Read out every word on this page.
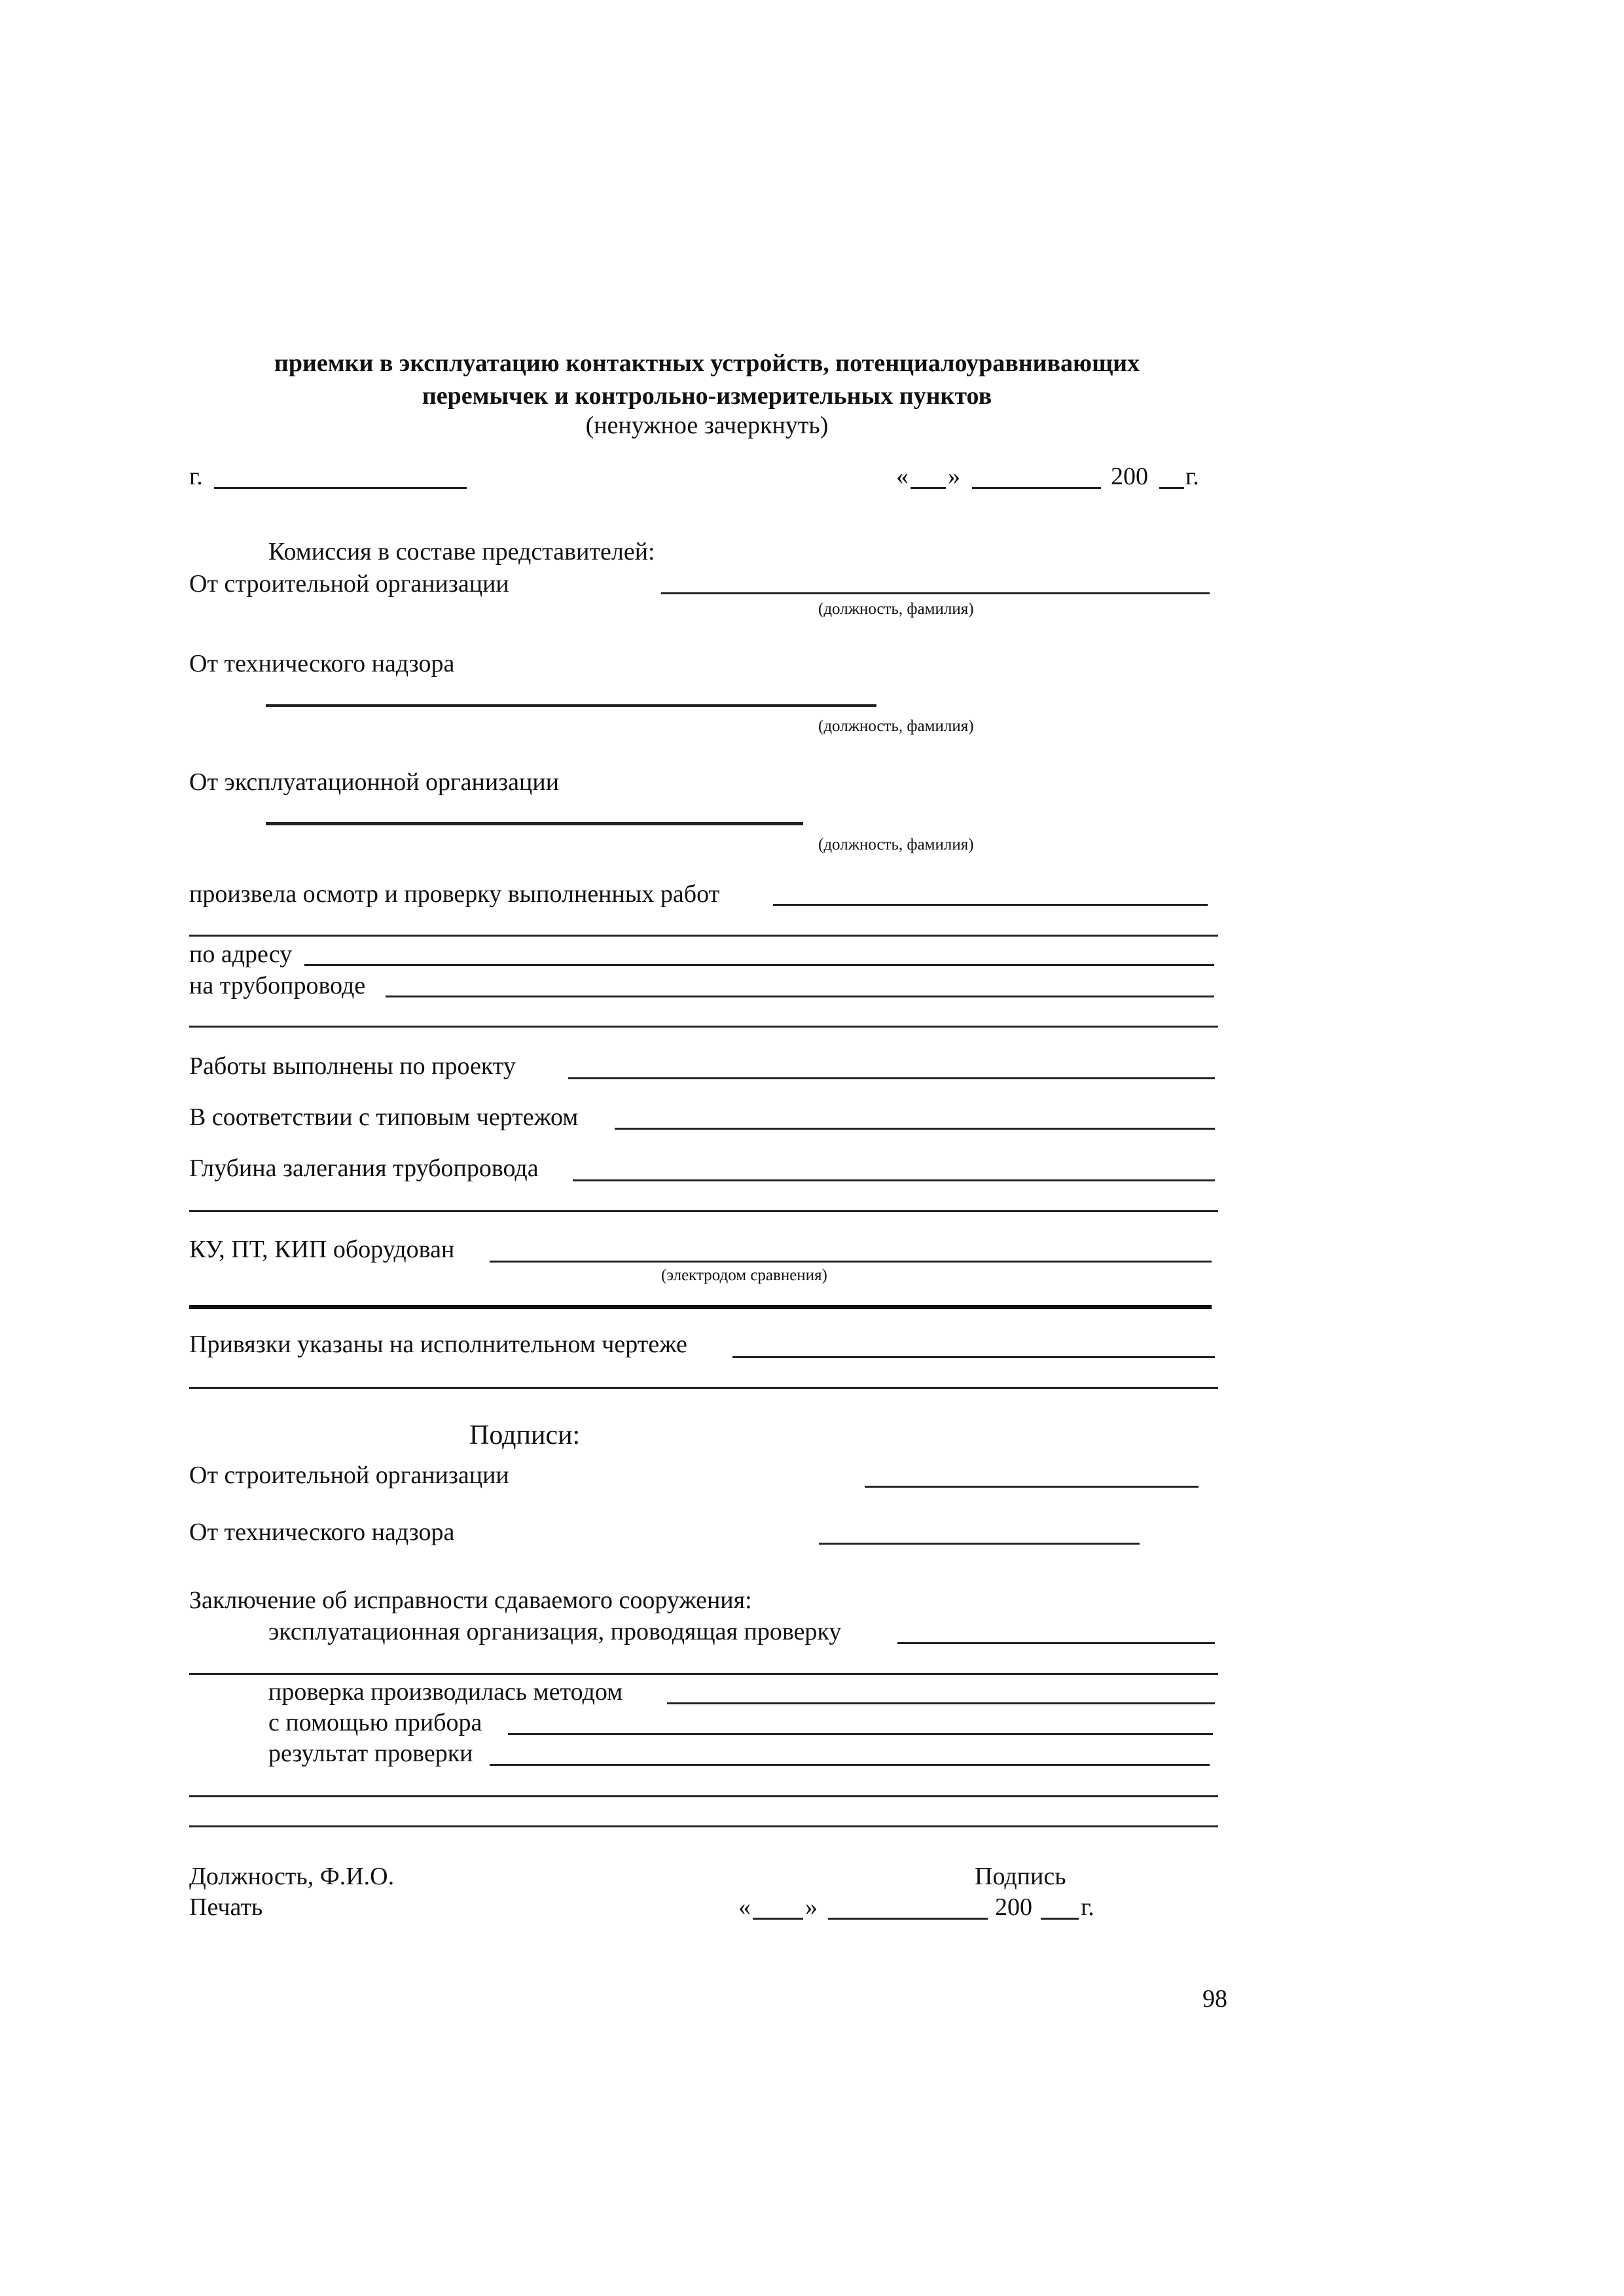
приемки в эксплуатацию контактных устройств, потенциалоуравнивающих
перемычек и контрольно-измерительных пунктов
(ненужное зачеркнуть)
г.	« »	200 г.
Комиссия в составе представителей:
От строительной организации
(должность, фамилия)
От технического надзора
(должность, фамилия)
От эксплуатационной организации
(должность, фамилия)
произвела осмотр и проверку выполненных работ
по адресу
на трубопроводе
Работы выполнены по проекту
В соответствии с типовым чертежом
Глубина залегания трубопровода
КУ, ПТ, КИП оборудован
(электродом сравнения)
Привязки указаны на исполнительном чертеже
Подписи:
От строительной организации
От технического надзора
Заключение об исправности сдаваемого сооружения:
эксплуатационная организация, проводящая проверку
проверка производилась методом
с помощью прибора
результат проверки
Должность, Ф.И.О.	Подпись
Печать	« »	200 г.
98
